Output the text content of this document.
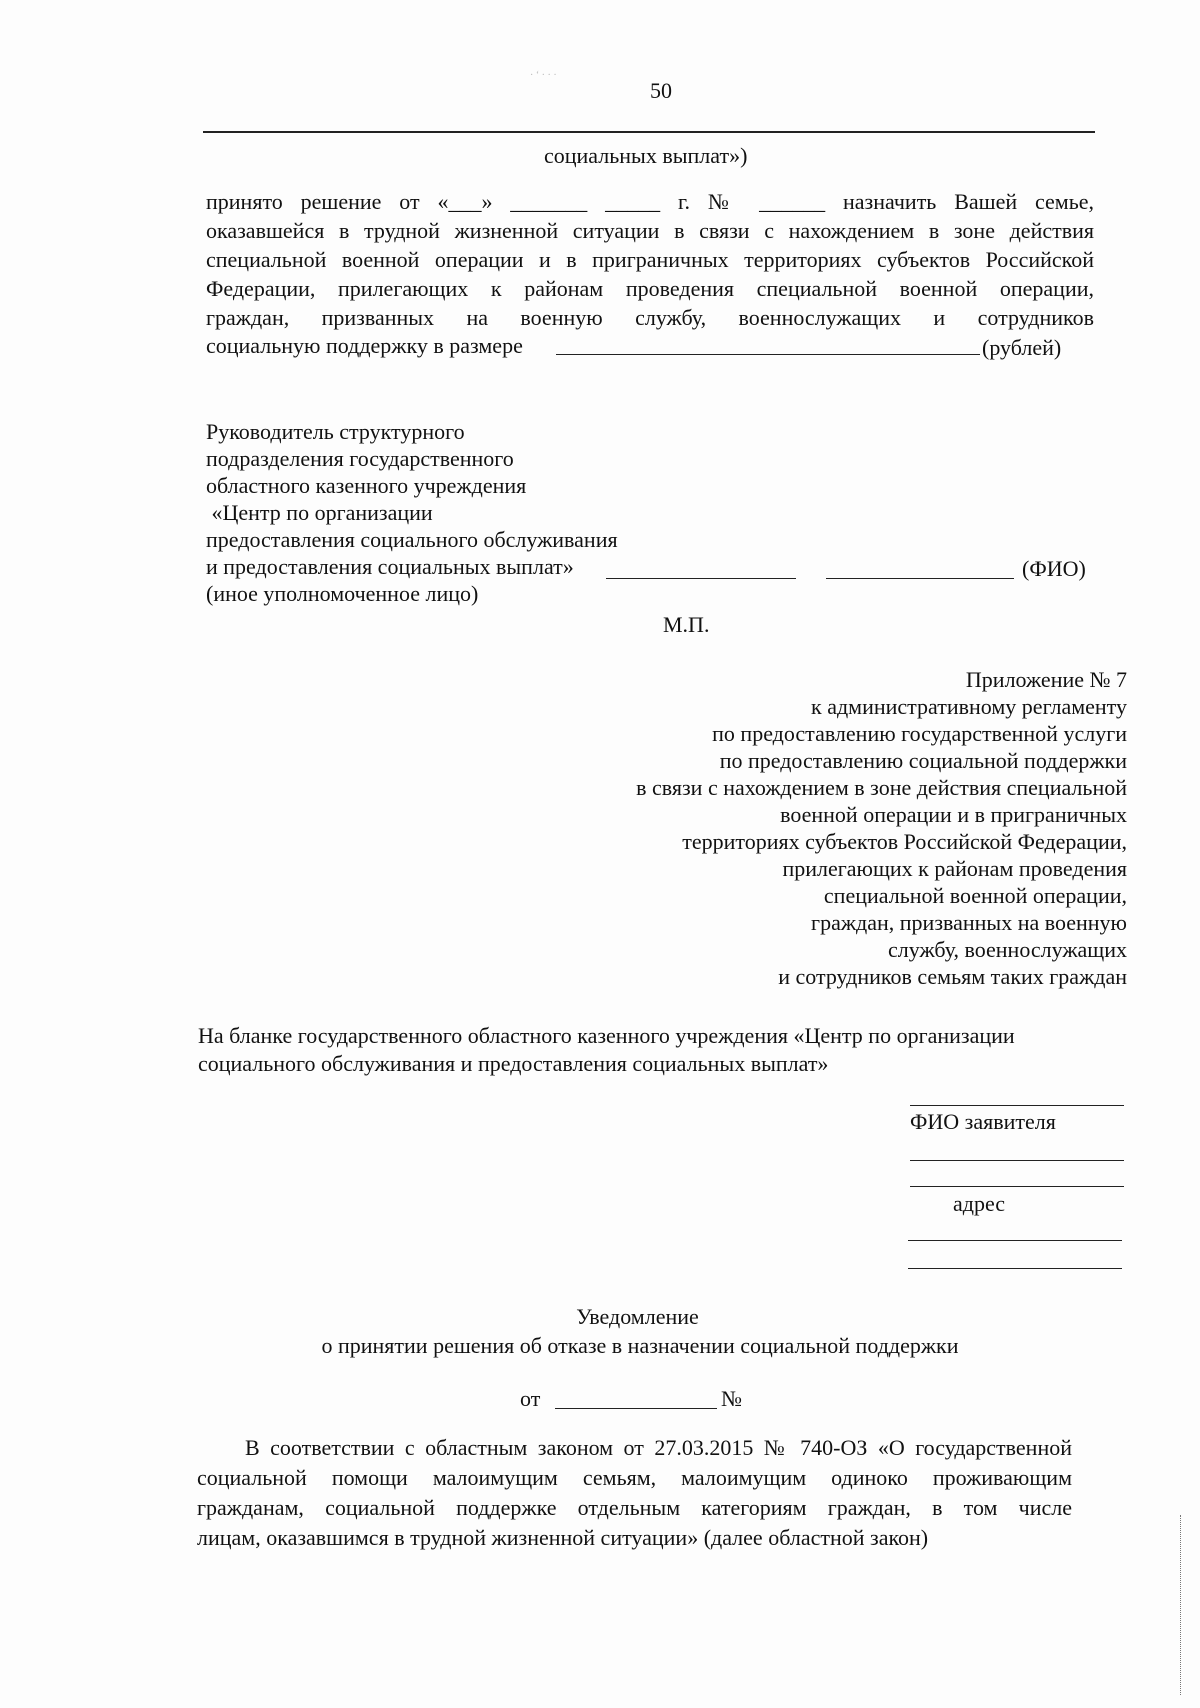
· ‘ · · ·
50
социальных выплат»)
принято решение от «___» _______ _____ г. № ______ назначить Вашей семье,
оказавшейся в трудной жизненной ситуации в связи с нахождением в зоне действия
специальной военной операции и в приграничных территориях субъектов Российской
Федерации, прилегающих к районам проведения специальной военной операции,
граждан, призванных на военную службу, военнослужащих и сотрудников
социальную поддержку в размере	(рублей)
Руководитель структурного
подразделения государственного
областного казенного учреждения
«Центр по организации
предоставления социального обслуживания
и предоставления социальных выплат»	(ФИО)
(иное уполномоченное лицо)
М.П.
Приложение № 7
к административному регламенту
по предоставлению государственной услуги
по предоставлению социальной поддержки
в связи с нахождением в зоне действия специальной
военной операции и в приграничных
территориях субъектов Российской Федерации,
прилегающих к районам проведения
специальной военной операции,
граждан, призванных на военную
службу, военнослужащих
и сотрудников семьям таких граждан
На бланке государственного областного казенного учреждения «Центр по организации
социального обслуживания и предоставления социальных выплат»
ФИО заявителя
адрес
Уведомление
о принятии решения об отказе в назначении социальной поддержки
от	№
В соответствии с областным законом от 27.03.2015 № 740-ОЗ «О государственной
социальной помощи малоимущим семьям, малоимущим одиноко проживающим
гражданам, социальной поддержке отдельным категориям граждан, в том числе
лицам, оказавшимся в трудной жизненной ситуации» (далее областной закон)
